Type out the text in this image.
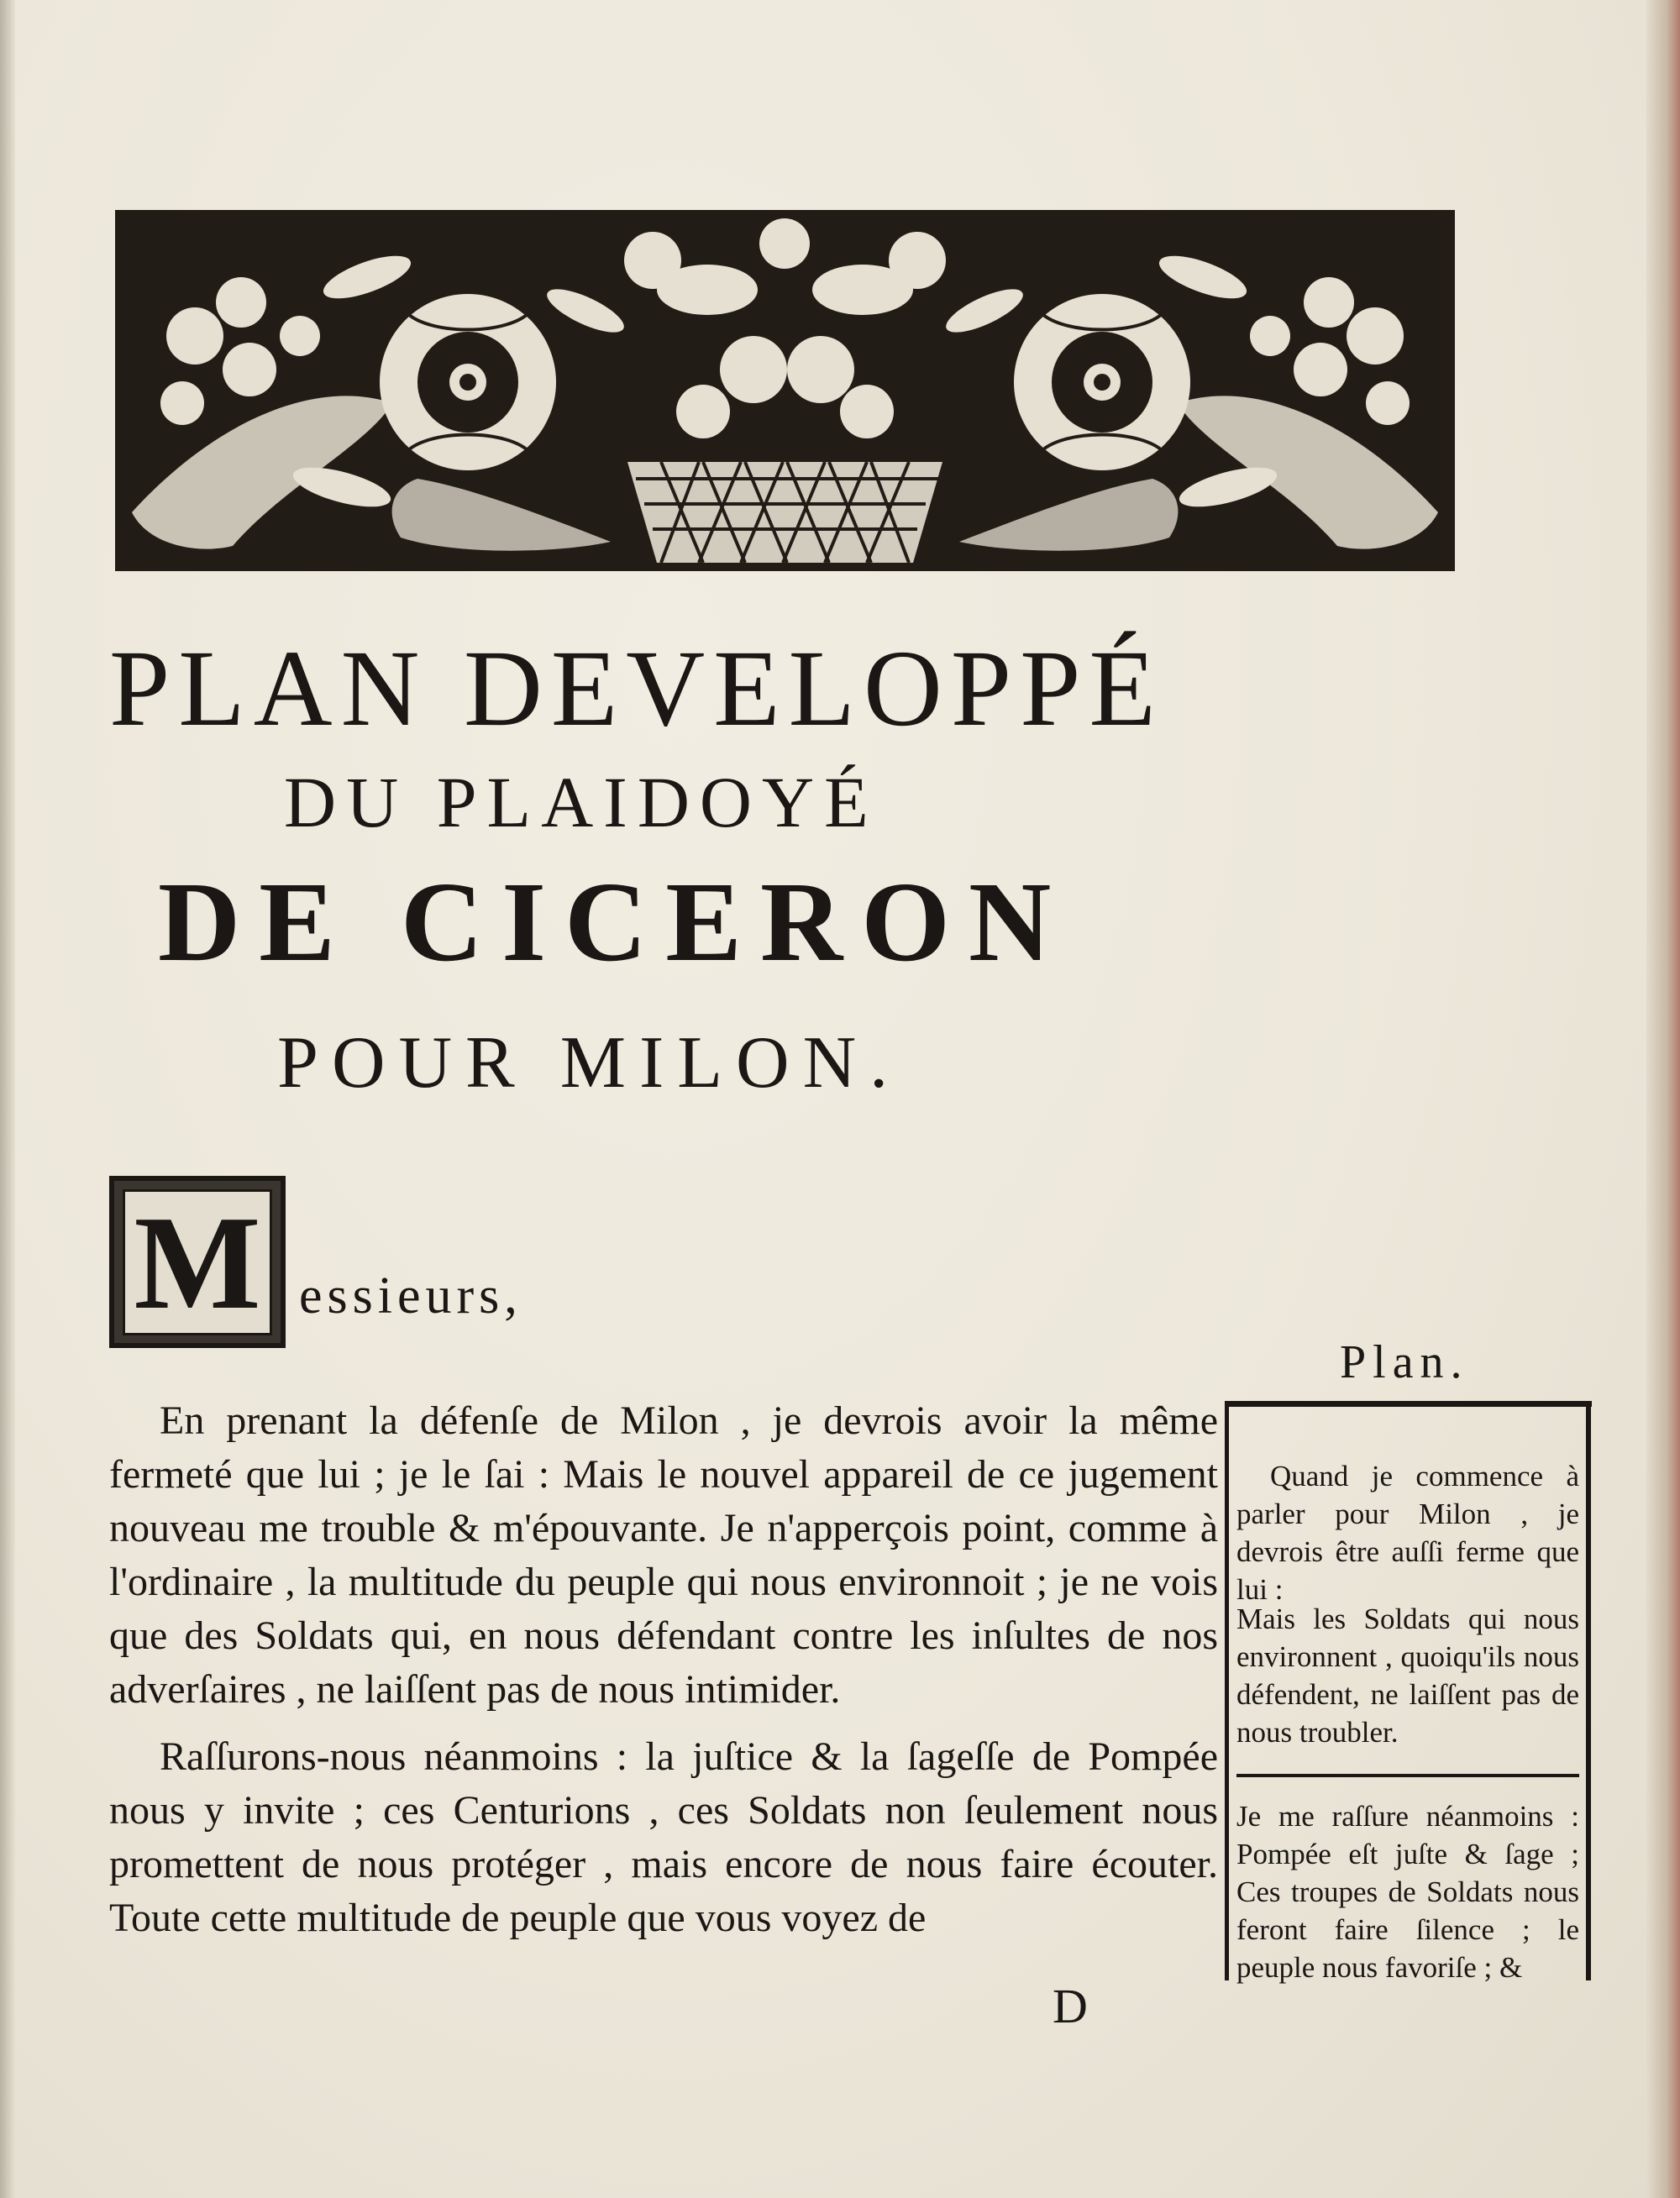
PLAN DEVELOPPÉ
DU PLAIDOYÉ
DE CICERON
POUR MILON.
M essieurs,

En prenant la défenſe de Milon , je devrois avoir la même fermeté que lui ; je le ſai : Mais le nouvel appareil de ce jugement nouveau me trouble & m'épouvante. Je n'apperçois point, comme à l'ordinaire , la multitude du peuple qui nous environnoit ; je ne vois que des Soldats qui, en nous défendant contre les inſultes de nos adverſaires , ne laiſſent pas de nous intimider.

Raſſurons-nous néanmoins : la juſtice & la ſageſſe de Pompée nous y invite ; ces Centurions , ces Soldats non ſeulement nous promettent de nous protéger , mais encore de nous faire écouter. Toute cette multitude de peuple que vous voyez de

Plan.

Quand je commence à parler pour Milon , je devrois être auſſi ferme que lui :

Mais les Soldats qui nous environnent , quoiqu'ils nous défendent, ne laiſſent pas de nous troubler.

Je me raſſure néanmoins : Pompée eſt juſte & ſage ; Ces troupes de Soldats nous feront faire ſilence ; le peuple nous favoriſe ; &

D
